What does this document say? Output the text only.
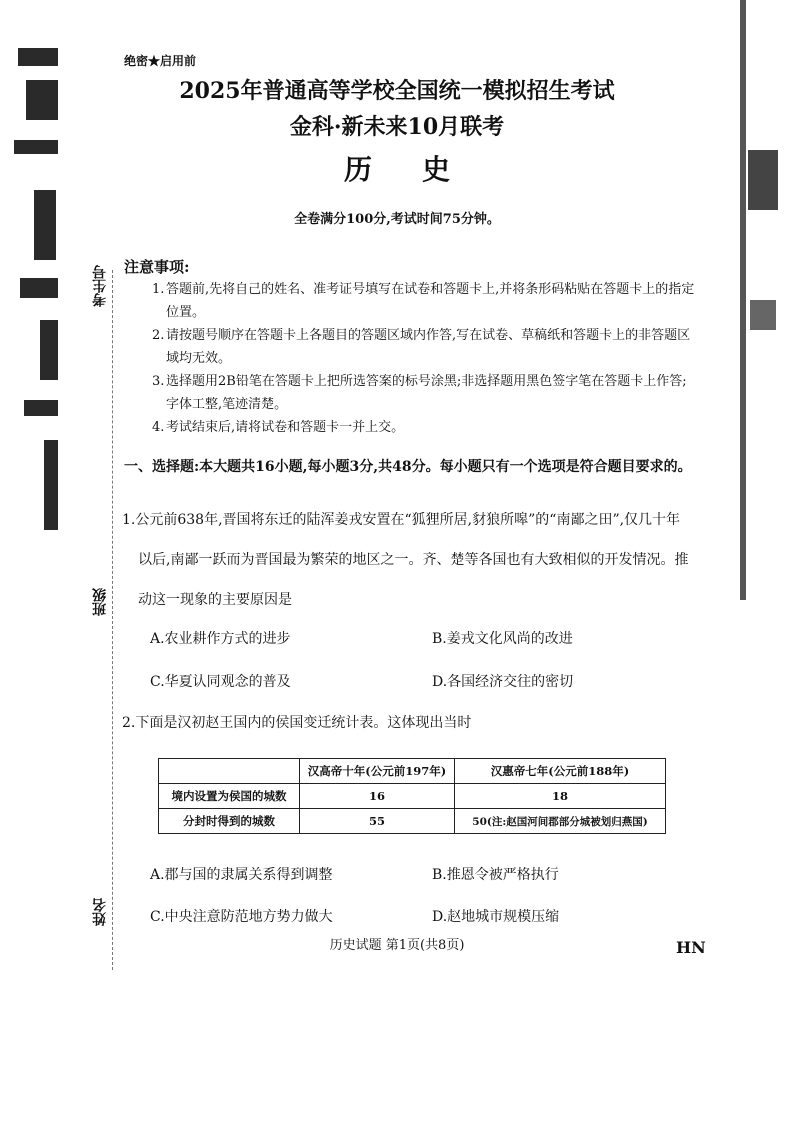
考生号
班级
姓名
绝密★启用前
2025年普通高等学校全国统一模拟招生考试
金科·新未来10月联考
历史
全卷满分100分,考试时间75分钟。
注意事项:
1. 答题前,先将自己的姓名、准考证号填写在试卷和答题卡上,并将条形码粘贴在答题卡上的指定位置。
2. 请按题号顺序在答题卡上各题目的答题区域内作答,写在试卷、草稿纸和答题卡上的非答题区域均无效。
3. 选择题用2B铅笔在答题卡上把所选答案的标号涂黑;非选择题用黑色签字笔在答题卡上作答;字体工整,笔迹清楚。
4. 考试结束后,请将试卷和答题卡一并上交。
一、选择题:本大题共16小题,每小题3分,共48分。每小题只有一个选项是符合题目要求的。
1.公元前638年,晋国将东迁的陆浑姜戎安置在“狐狸所居,豺狼所嗥”的“南鄙之田”,仅几十年
以后,南鄙一跃而为晋国最为繁荣的地区之一。齐、楚等各国也有大致相似的开发情况。推
动这一现象的主要原因是
A.农业耕作方式的进步	B.姜戎文化风尚的改进
C.华夏认同观念的普及	D.各国经济交往的密切
2.下面是汉初赵王国内的侯国变迁统计表。这体现出当时
	汉高帝十年(公元前197年)	汉惠帝七年(公元前188年)
境内设置为侯国的城数	16	18
分封时得到的城数	55	50(注:赵国河间郡部分城被划归燕国)
A.郡与国的隶属关系得到调整	B.推恩令被严格执行
C.中央注意防范地方势力做大	D.赵地城市规模压缩
历史试题 第1页(共8页)	HN
